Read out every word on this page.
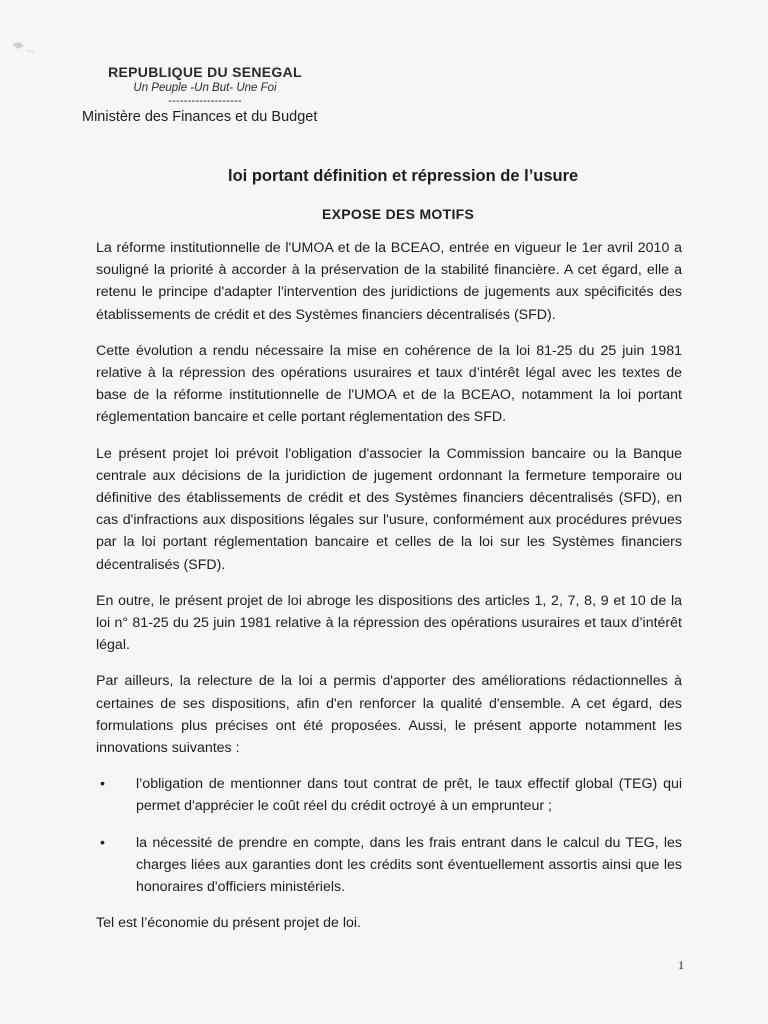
REPUBLIQUE DU SENEGAL
Un Peuple -Un But- Une Foi
-------------------
Ministère des Finances et du Budget
loi portant définition et répression de l’usure
EXPOSE DES MOTIFS

La réforme institutionnelle de l'UMOA et de la BCEAO, entrée en vigueur le 1er avril 2010 a souligné la priorité à accorder à la préservation de la stabilité financière. A cet égard, elle a retenu le principe d'adapter l'intervention des juridictions de jugements aux spécificités des établissements de crédit et des Systèmes financiers décentralisés (SFD).

Cette évolution a rendu nécessaire la mise en cohérence de la loi 81-25 du 25 juin 1981 relative à la répression des opérations usuraires et taux d’intérêt légal avec les textes de base de la réforme institutionnelle de l'UMOA et de la BCEAO, notamment la loi portant réglementation bancaire et celle portant réglementation des SFD.

Le présent projet loi prévoit l'obligation d'associer la Commission bancaire ou la Banque centrale aux décisions de la juridiction de jugement ordonnant la fermeture temporaire ou définitive des établissements de crédit et des Systèmes financiers décentralisés (SFD), en cas d'infractions aux dispositions légales sur l'usure, conformément aux procédures prévues par la loi portant réglementation bancaire et celles de la loi sur les Systèmes financiers décentralisés (SFD).

En outre, le présent projet de loi abroge les dispositions des articles 1, 2, 7, 8, 9 et 10 de la loi n° 81-25 du 25 juin 1981 relative à la répression des opérations usuraires et taux d’intérêt légal.

Par ailleurs, la relecture de la loi a permis d'apporter des améliorations rédactionnelles à certaines de ses dispositions, afin d'en renforcer la qualité d'ensemble. A cet égard, des formulations plus précises ont été proposées. Aussi, le présent apporte notamment les innovations suivantes :

• l’obligation de mentionner dans tout contrat de prêt, le taux effectif global (TEG) qui permet d'apprécier le coût réel du crédit octroyé à un emprunteur ;
• la nécessité de prendre en compte, dans les frais entrant dans le calcul du TEG, les charges liées aux garanties dont les crédits sont éventuellement assortis ainsi que les honoraires d'officiers ministériels.

Tel est l’économie du présent projet de loi.

1
